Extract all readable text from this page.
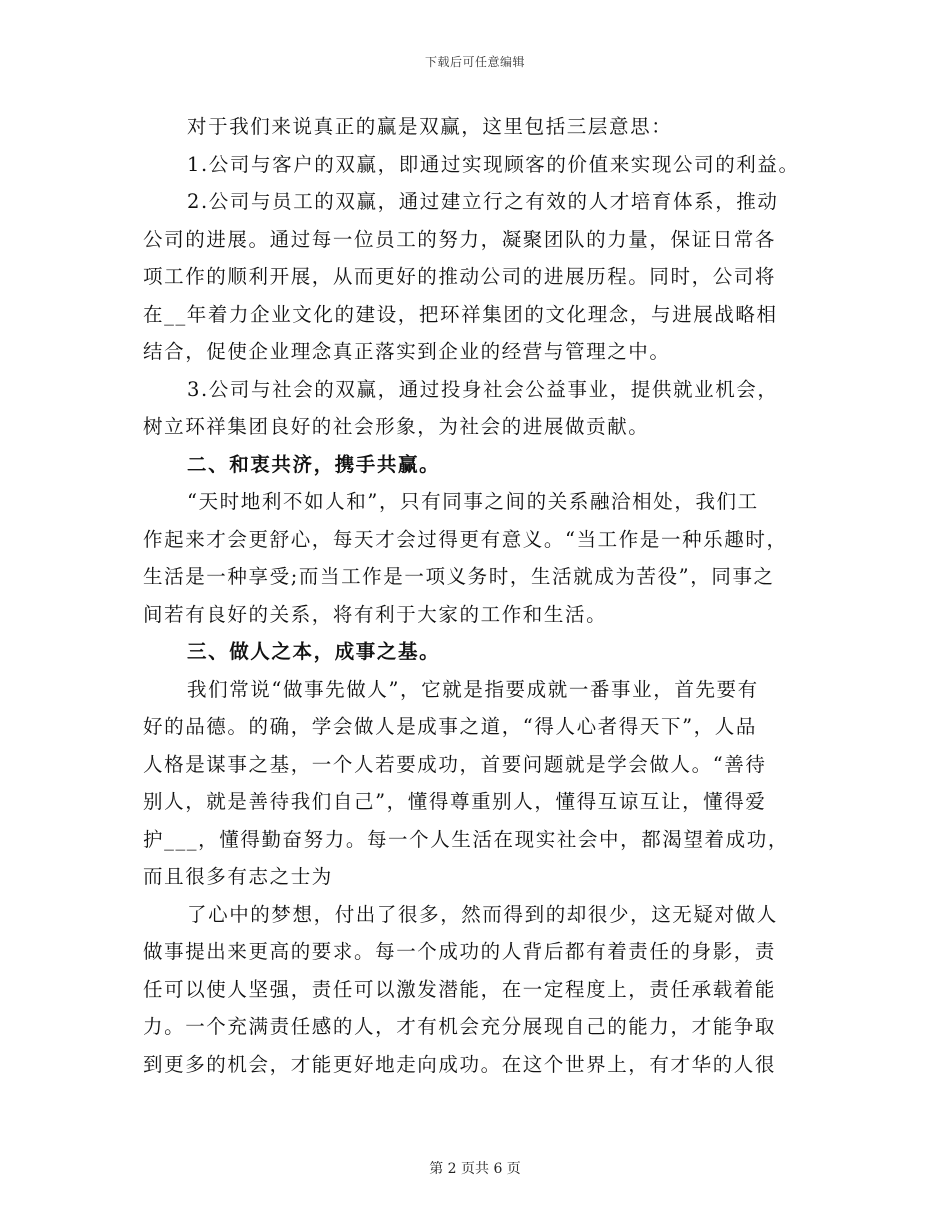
下载后可任意编辑
对于我们来说真正的赢是双赢，这里包括三层意思：
1.公司与客户的双赢，即通过实现顾客的价值来实现公司的利益。
2.公司与员工的双赢，通过建立行之有效的人才培育体系，推动
公司的进展。通过每一位员工的努力，凝聚团队的力量，保证日常各
项工作的顺利开展，从而更好的推动公司的进展历程。同时，公司将
在__年着力企业文化的建设，把环祥集团的文化理念，与进展战略相
结合，促使企业理念真正落实到企业的经营与管理之中。
3.公司与社会的双赢，通过投身社会公益事业，提供就业机会，
树立环祥集团良好的社会形象，为社会的进展做贡献。
二、和衷共济，携手共赢。
“天时地利不如人和”，只有同事之间的关系融洽相处，我们工
作起来才会更舒心，每天才会过得更有意义。“当工作是一种乐趣时，
生活是一种享受;而当工作是一项义务时，生活就成为苦役”，同事之
间若有良好的关系，将有利于大家的工作和生活。
三、做人之本，成事之基。
我们常说“做事先做人”，它就是指要成就一番事业，首先要有
好的品德。的确，学会做人是成事之道，“得人心者得天下”，人品
人格是谋事之基，一个人若要成功，首要问题就是学会做人。“善待
别人，就是善待我们自己”，懂得尊重别人，懂得互谅互让，懂得爱
护___，懂得勤奋努力。每一个人生活在现实社会中，都渴望着成功，
而且很多有志之士为
了心中的梦想，付出了很多，然而得到的却很少，这无疑对做人
做事提出来更高的要求。每一个成功的人背后都有着责任的身影，责
任可以使人坚强，责任可以激发潜能，在一定程度上，责任承载着能
力。一个充满责任感的人，才有机会充分展现自己的能力，才能争取
到更多的机会，才能更好地走向成功。在这个世界上，有才华的人很
第 2 页共 6 页
